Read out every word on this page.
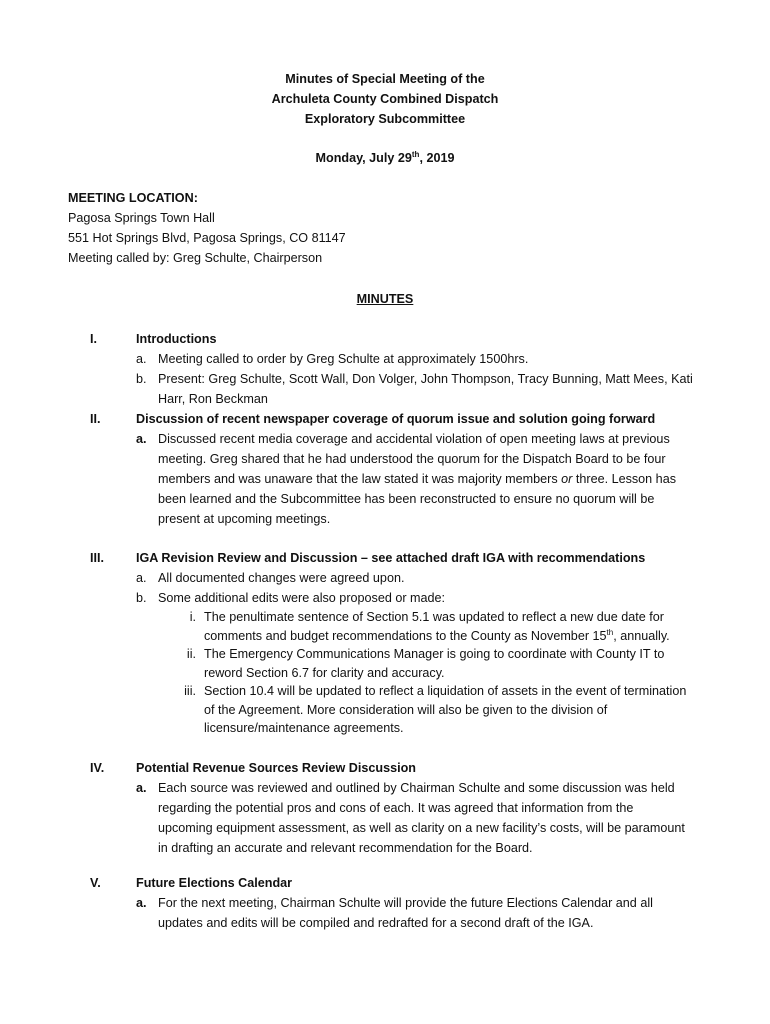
Minutes of Special Meeting of the
Archuleta County Combined Dispatch
Exploratory Subcommittee
Monday, July 29th, 2019
MEETING LOCATION:
Pagosa Springs Town Hall
551 Hot Springs Blvd, Pagosa Springs, CO 81147
Meeting called by: Greg Schulte, Chairperson
MINUTES
I.	Introductions
a. Meeting called to order by Greg Schulte at approximately 1500hrs.
b. Present: Greg Schulte, Scott Wall, Don Volger, John Thompson, Tracy Bunning, Matt Mees, Kati
Harr, Ron Beckman
II.	Discussion of recent newspaper coverage of quorum issue and solution going forward
a. Discussed recent media coverage and accidental violation of open meeting laws at previous
meeting. Greg shared that he had understood the quorum for the Dispatch Board to be four
members and was unaware that the law stated it was majority members or three. Lesson has
been learned and the Subcommittee has been reconstructed to ensure no quorum will be
present at upcoming meetings.
III.	IGA Revision Review and Discussion – see attached draft IGA with recommendations
a. All documented changes were agreed upon.
b. Some additional edits were also proposed or made:
i. The penultimate sentence of Section 5.1 was updated to reflect a new due date for
comments and budget recommendations to the County as November 15th, annually.
ii. The Emergency Communications Manager is going to coordinate with County IT to
reword Section 6.7 for clarity and accuracy.
iii. Section 10.4 will be updated to reflect a liquidation of assets in the event of termination
of the Agreement. More consideration will also be given to the division of
licensure/maintenance agreements.
IV.	Potential Revenue Sources Review Discussion
a. Each source was reviewed and outlined by Chairman Schulte and some discussion was held
regarding the potential pros and cons of each. It was agreed that information from the
upcoming equipment assessment, as well as clarity on a new facility’s costs, will be paramount
in drafting an accurate and relevant recommendation for the Board.
V.	Future Elections Calendar
a. For the next meeting, Chairman Schulte will provide the future Elections Calendar and all
updates and edits will be compiled and redrafted for a second draft of the IGA.
